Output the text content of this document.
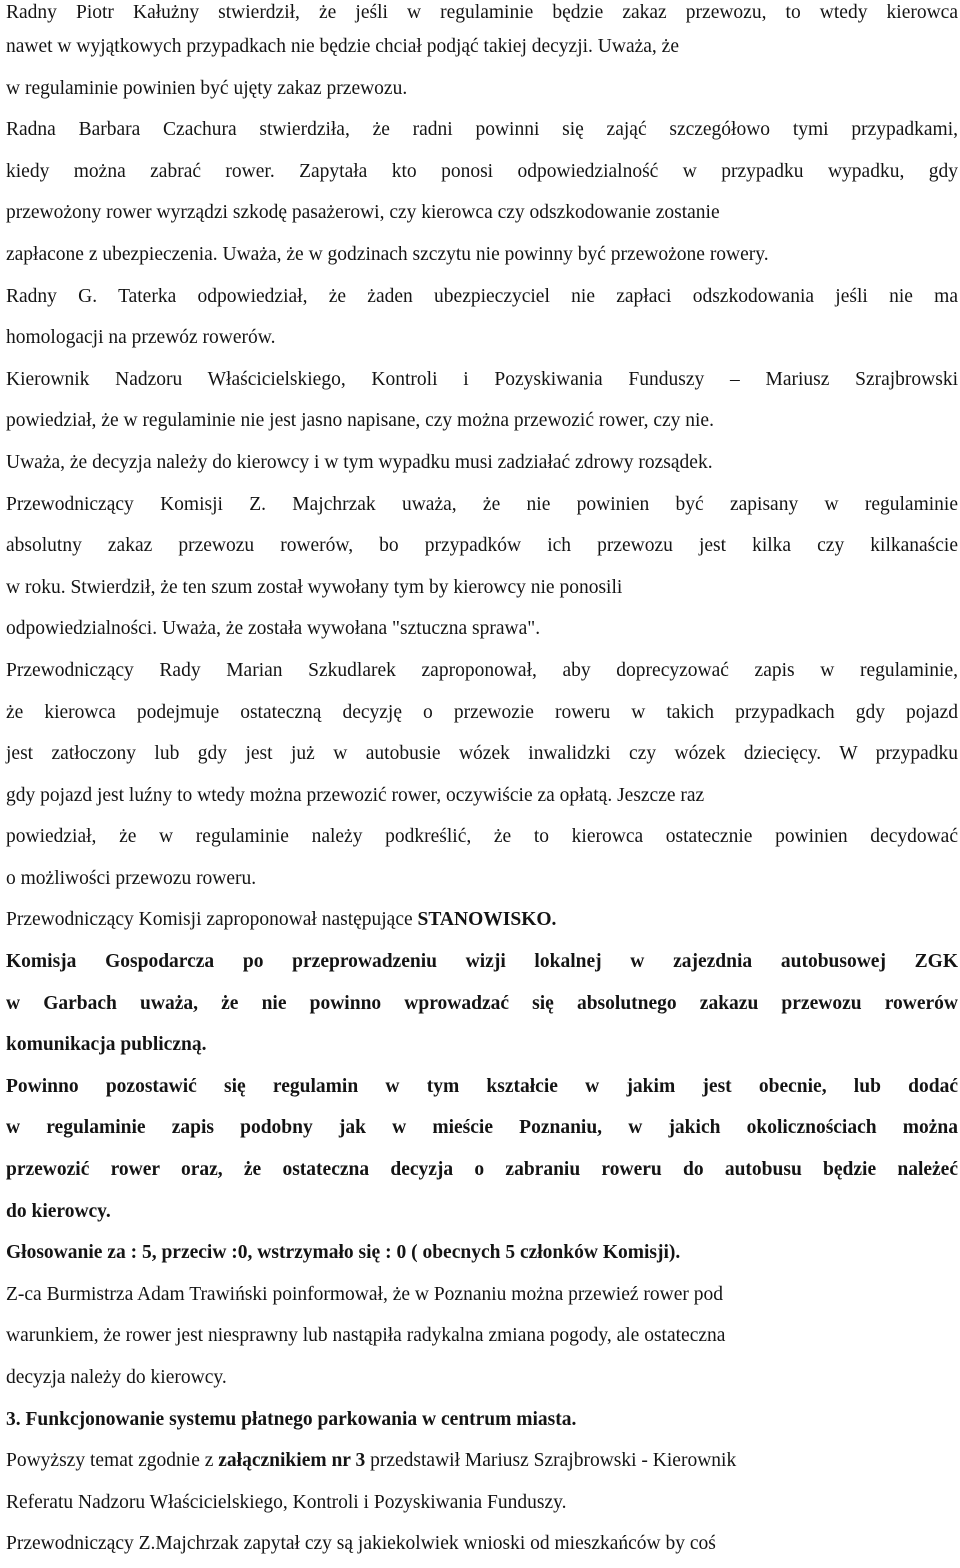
Radny Piotr Kałużny stwierdził, że jeśli w regulaminie będzie zakaz przewozu, to wtedy kierowca
nawet w wyjątkowych przypadkach nie będzie chciał podjąć takiej decyzji. Uważa, że
w regulaminie powinien być ujęty zakaz przewozu.
Radna Barbara Czachura stwierdziła, że radni powinni się zająć szczegółowo tymi przypadkami,
kiedy można zabrać rower. Zapytała kto ponosi odpowiedzialność w przypadku wypadku, gdy
przewożony rower wyrządzi szkodę pasażerowi, czy kierowca czy odszkodowanie zostanie
zapłacone z ubezpieczenia. Uważa, że w godzinach szczytu nie powinny być przewożone rowery.
Radny G. Taterka odpowiedział, że żaden ubezpieczyciel nie zapłaci odszkodowania jeśli nie ma
homologacji na przewóz rowerów.
Kierownik Nadzoru Właścicielskiego, Kontroli i Pozyskiwania Funduszy – Mariusz Szrajbrowski
powiedział, że w regulaminie nie jest jasno napisane, czy można przewozić rower, czy nie.
Uważa, że decyzja należy do kierowcy i w tym wypadku musi zadziałać zdrowy rozsądek.
Przewodniczący Komisji Z. Majchrzak uważa, że nie powinien być zapisany w regulaminie
absolutny zakaz przewozu rowerów, bo przypadków ich przewozu jest kilka czy kilkanaście
w roku. Stwierdził, że ten szum został wywołany tym by kierowcy nie ponosili
odpowiedzialności. Uważa, że została wywołana "sztuczna sprawa".
Przewodniczący Rady Marian Szkudlarek zaproponował, aby doprecyzować zapis w regulaminie,
że kierowca podejmuje ostateczną decyzję o przewozie roweru w takich przypadkach gdy pojazd
jest zatłoczony lub gdy jest już w autobusie wózek inwalidzki czy wózek dziecięcy. W przypadku
gdy pojazd jest luźny to wtedy można przewozić rower, oczywiście za opłatą. Jeszcze raz
powiedział, że w regulaminie należy podkreślić, że to kierowca ostatecznie powinien decydować
o możliwości przewozu roweru.
Przewodniczący Komisji zaproponował następujące STANOWISKO.
Komisja Gospodarcza po przeprowadzeniu wizji lokalnej w zajezdnia autobusowej ZGK
w Garbach uważa, że nie powinno wprowadzać się absolutnego zakazu przewozu rowerów
komunikacja publiczną.
Powinno pozostawić się regulamin w tym kształcie w jakim jest obecnie, lub dodać
w regulaminie zapis podobny jak w mieście Poznaniu, w jakich okolicznościach można
przewozić rower oraz, że ostateczna decyzja o zabraniu roweru do autobusu będzie należeć
do kierowcy.
Głosowanie za : 5, przeciw :0, wstrzymało się : 0 ( obecnych 5 członków Komisji).
Z-ca Burmistrza Adam Trawiński poinformował, że w Poznaniu można przewieź rower pod
warunkiem, że rower jest niesprawny lub nastąpiła radykalna zmiana pogody, ale ostateczna
decyzja należy do kierowcy.
3. Funkcjonowanie systemu płatnego parkowania w centrum miasta.
Powyższy temat zgodnie z załącznikiem nr 3 przedstawił Mariusz Szrajbrowski - Kierownik
Referatu Nadzoru Właścicielskiego, Kontroli i Pozyskiwania Funduszy.
Przewodniczący Z.Majchrzak zapytał czy są jakiekolwiek wnioski od mieszkańców by coś
